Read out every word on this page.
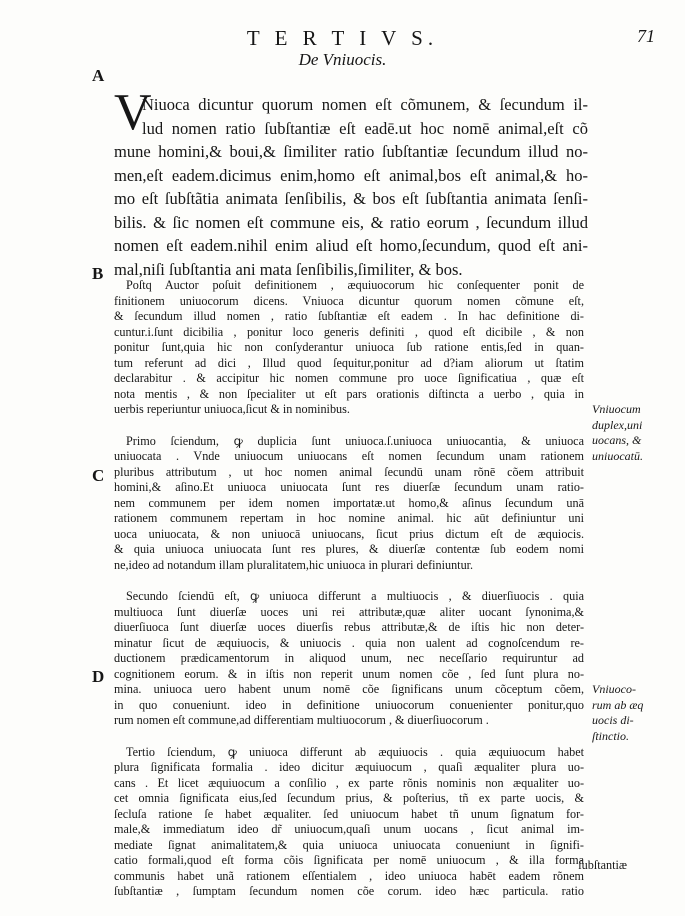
T E R T I V S.	71
De Vniuocis.
A
B
C
D
V
Niuoca dicuntur quorum nomen eſt cõmunem, & ſecundum il-
lud nomen ratio ſubſtantiæ eſt eadē.ut hoc nomē animal,eſt cõ
mune homini,& boui,& ſimiliter ratio ſubſtantiæ ſecundum illud no-
men,eſt eadem.dicimus enim,homo eſt animal,bos eſt animal,& ho-
mo eſt ſubſtãtia animata ſenſibilis, & bos eſt ſubſtantia animata ſenſi-
bilis. & ſic nomen eſt commune eis, & ratio eorum , ſecundum illud
nomen eſt eadem.nihil enim aliud eſt homo,ſecundum, quod eſt ani-
mal,niſi ſubſtantia ani mata ſenſibilis,ſimiliter, & bos.

Poſtq Auctor poſuit definitionem , æquiuocorum hic conſequenter ponit de
finitionem uniuocorum dicens. Vniuoca dicuntur quorum nomen cõmune eſt,
& ſecundum illud nomen , ratio ſubſtantiæ eſt eadem . In hac definitione di-
cuntur.i.ſunt dicibilia , ponitur loco generis definiti , quod eſt dicibile , & non
ponitur ſunt,quia hic non conſyderantur uniuoca ſub ratione entis,ſed in quan-
tum referunt ad dici , Illud quod ſequitur,ponitur ad d?iam aliorum ut ſtatim
declarabitur . & accipitur hic nomen commune pro uoce ſignificatiua , quæ eſt
nota mentis , & non ſpecialiter ut eſt pars orationis diſtincta a uerbo , quia in
uerbis reperiuntur uniuoca,ſicut & in nominibus.

Primo ſciendum, ꝙ duplicia ſunt uniuoca.ſ.uniuoca uniuocantia, & uniuoca
uniuocata . Vnde uniuocum uniuocans eſt nomen ſecundum unam rationem
pluribus attributum , ut hoc nomen animal ſecundū unam rõnē cõem attribuit
homini,& aſino.Et uniuoca uniuocata ſunt res diuerſæ ſecundum unam ratio-
nem communem per idem nomen importatæ.ut homo,& aſinus ſecundum unā
rationem communem repertam in hoc nomine animal. hic aūt definiuntur uni
uoca uniuocata, & non uniuocā uniuocans, ſicut prius dictum eſt de æquiocis.
& quia uniuoca uniuocata ſunt res plures, & diuerſæ contentæ ſub eodem nomi
ne,ideo ad notandum illam pluralitatem,hic uniuoca in plurari definiuntur.

Secundo ſciendū eſt, ꝙ uniuoca differunt a multiuocis , & diuerſiuocis . quia
multiuoca ſunt diuerſæ uoces uni rei attributæ,quæ aliter uocant ſynonima,&
diuerſiuoca ſunt diuerſæ uoces diuerſis rebus attributæ,& de iſtis hic non deter-
minatur ſicut de æquiuocis, & uniuocis . quia non ualent ad cognoſcendum re-
ductionem prædicamentorum in aliquod unum, nec neceſſario requiruntur ad
cognitionem eorum. & in iſtis non reperit unum nomen cõe , ſed ſunt plura no-
mina. uniuoca uero habent unum nomē cõe ſignificans unum cõceptum cõem,
in quo conueniunt. ideo in definitione uniuocorum conuenienter ponitur,quo
rum nomen eſt commune,ad differentiam multiuocorum , & diuerſiuocorum .

Tertio ſciendum, ꝙ uniuoca differunt ab æquiuocis . quia æquiuocum habet
plura ſignificata formalia . ideo dicitur æquiuocum , quaſi æqualiter plura uo-
cans . Et licet æquiuocum a conſilio , ex parte rõnis nominis non æqualiter uo-
cet omnia ſignificata eius,ſed ſecundum prius, & poſterius, tñ ex parte uocis, &
ſecluſa ratione ſe habet æqualiter. ſed uniuocum habet tñ unum ſignatum for-
male,& immediatum ideo dr̃ uniuocum,quaſi unum uocans , ſicut animal im-
mediate ſignat animalitatem,& quia uniuoca uniuocata conueniunt in ſignifi-
catio formali,quod eſt forma cõis ſignificata per nomē uniuocum , & illa forma
communis habet unã rationem eſſentialem , ideo uniuoca habēt eadem rõnem
ſubſtantiæ , ſumptam ſecundum nomen cõe corum. ideo hæc particula. ratio

Vniuocum
duplex,uni
uocans, &
uniuocatū.
Vniuoco-
rum ab æq
uocis di-
ſtinctio.
ſubſtantiæ
